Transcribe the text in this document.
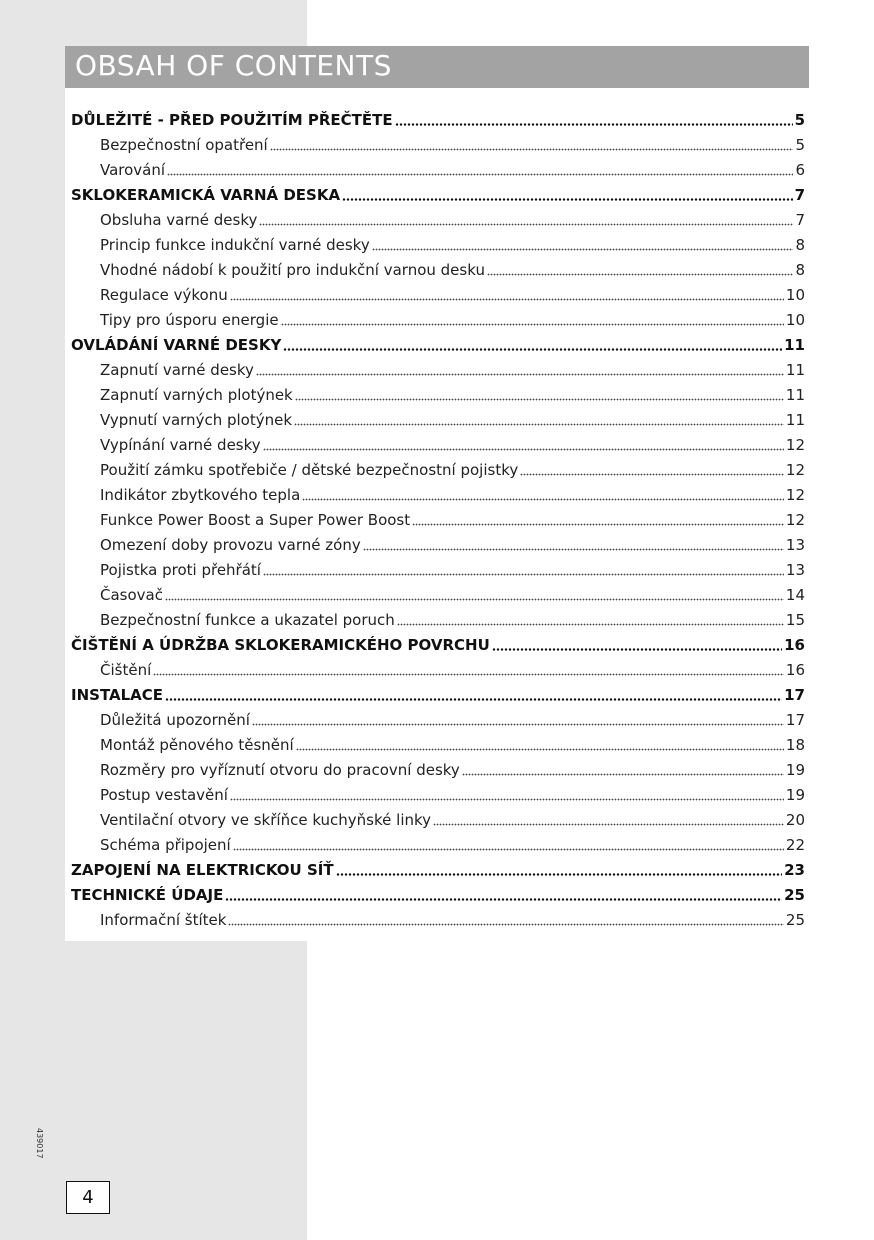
OBSAH OF CONTENTS
DŮLEŽITÉ - PŘED POUŽITÍM PŘEČTĚTE	5
Bezpečnostní opatření	5
Varování	6
SKLOKERAMICKÁ VARNÁ DESKA	7
Obsluha varné desky	7
Princip funkce indukční varné desky	8
Vhodné nádobí k použití pro indukční varnou desku	8
Regulace výkonu	10
Tipy pro úsporu energie	10
OVLÁDÁNÍ VARNÉ DESKY	11
Zapnutí varné desky	11
Zapnutí varných plotýnek	11
Vypnutí varných plotýnek	11
Vypínání varné desky	12
Použití zámku spotřebiče / dětské bezpečnostní pojistky	12
Indikátor zbytkového tepla	12
Funkce Power Boost a Super Power Boost	12
Omezení doby provozu varné zóny	13
Pojistka proti přehřátí	13
Časovač	14
Bezpečnostní funkce a ukazatel poruch	15
ČIŠTĚNÍ A ÚDRŽBA SKLOKERAMICKÉHO POVRCHU	16
Čištění	16
INSTALACE	17
Důležitá upozornění	17
Montáž pěnového těsnění	18
Rozměry pro vyříznutí otvoru do pracovní desky	19
Postup vestavění	19
Ventilační otvory ve skříňce kuchyňské linky	20
Schéma připojení	22
ZAPOJENÍ NA ELEKTRICKOU SÍŤ	23
TECHNICKÉ ÚDAJE	25
Informační štítek	25
439017
4
